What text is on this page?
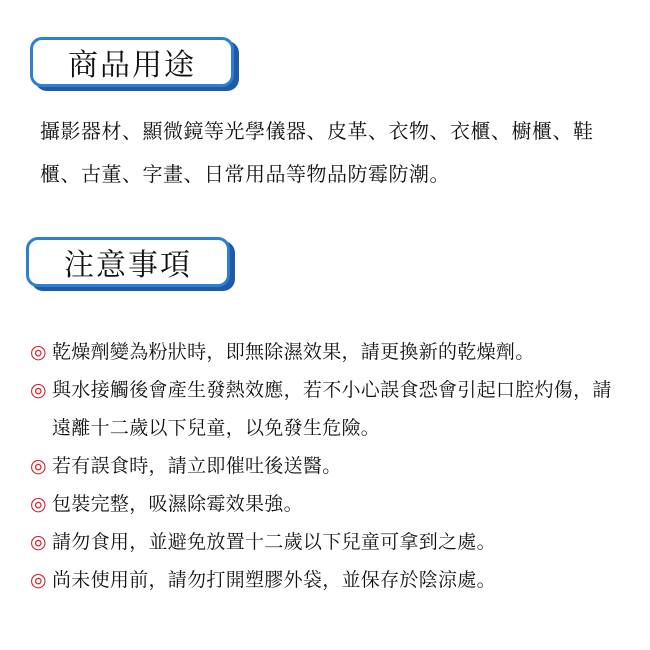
商品用途
攝影器材、顯微鏡等光學儀器、皮革、衣物、衣櫃、櫥櫃、鞋櫃、古董、字畫、日常用品等物品防霉防潮。
注意事項
◎ 乾燥劑變為粉狀時，即無除濕效果，請更換新的乾燥劑。
◎ 與水接觸後會產生發熱效應，若不小心誤食恐會引起口腔灼傷，請遠離十二歲以下兒童，以免發生危險。
◎ 若有誤食時，請立即催吐後送醫。
◎ 包裝完整，吸濕除霉效果強。
◎ 請勿食用，並避免放置十二歲以下兒童可拿到之處。
◎ 尚未使用前，請勿打開塑膠外袋，並保存於陰涼處。
